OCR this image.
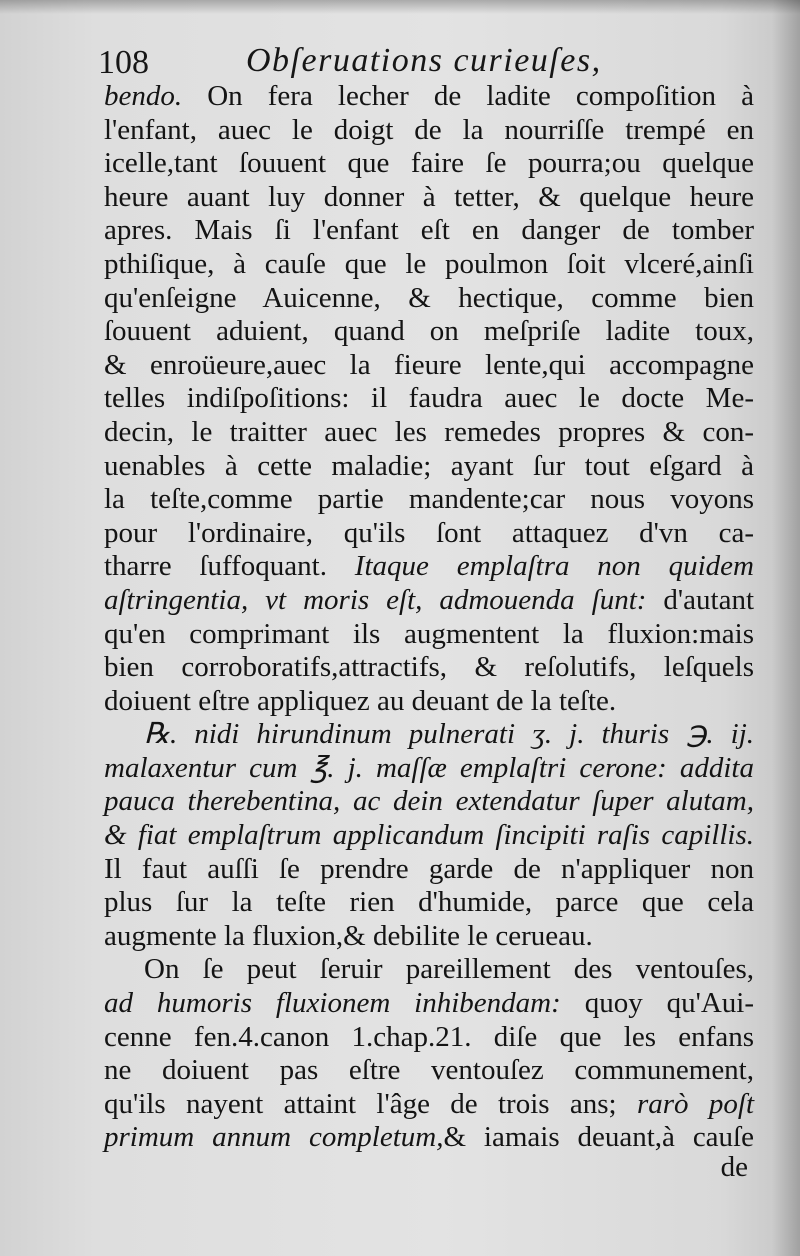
108	Obſeruations curieuſes,
bendo. On fera lecher de ladite compoſition à
l'enfant, auec le doigt de la nourriſſe trempé en
icelle,tant ſouuent que faire ſe pourra;ou quelque
heure auant luy donner à tetter, & quelque heure
apres. Mais ſi l'enfant eſt en danger de tomber
pthiſique, à cauſe que le poulmon ſoit vlceré,ainſi
qu'enſeigne Auicenne, & hectique, comme bien
ſouuent aduient, quand on meſpriſe ladite toux,
& enroüeure,auec la fieure lente,qui accompagne
telles indiſpoſitions: il faudra auec le docte Me-
decin, le traitter auec les remedes propres & con-
uenables à cette maladie; ayant ſur tout eſgard à
la teſte,comme partie mandente;car nous voyons
pour l'ordinaire, qu'ils ſont attaquez d'vn ca-
tharre ſuffoquant. Itaque emplaſtra non quidem
aſtringentia, vt moris eſt, admouenda ſunt: d'autant
qu'en comprimant ils augmentent la fluxion:mais
bien corroboratifs,attractifs, & reſolutifs, leſquels
doiuent eſtre appliquez au deuant de la teſte.
℞. nidi hirundinum pulnerati ʒ. j. thuris ℈. ij.
malaxentur cum ℥. j. maſſæ emplaſtri cerone: addita
pauca therebentina, ac dein extendatur ſuper alutam,
& fiat emplaſtrum applicandum ſincipiti raſis capillis.
Il faut auſſi ſe prendre garde de n'appliquer non
plus ſur la teſte rien d'humide, parce que cela
augmente la fluxion,& debilite le cerueau.
On ſe peut ſeruir pareillement des ventouſes,
ad humoris fluxionem inhibendam: quoy qu'Aui-
cenne fen.4.canon 1.chap.21. diſe que les enfans
ne doiuent pas eſtre ventouſez communement,
qu'ils nayent attaint l'âge de trois ans; rarò poſt
primum annum completum,& iamais deuant,à cauſe
de
